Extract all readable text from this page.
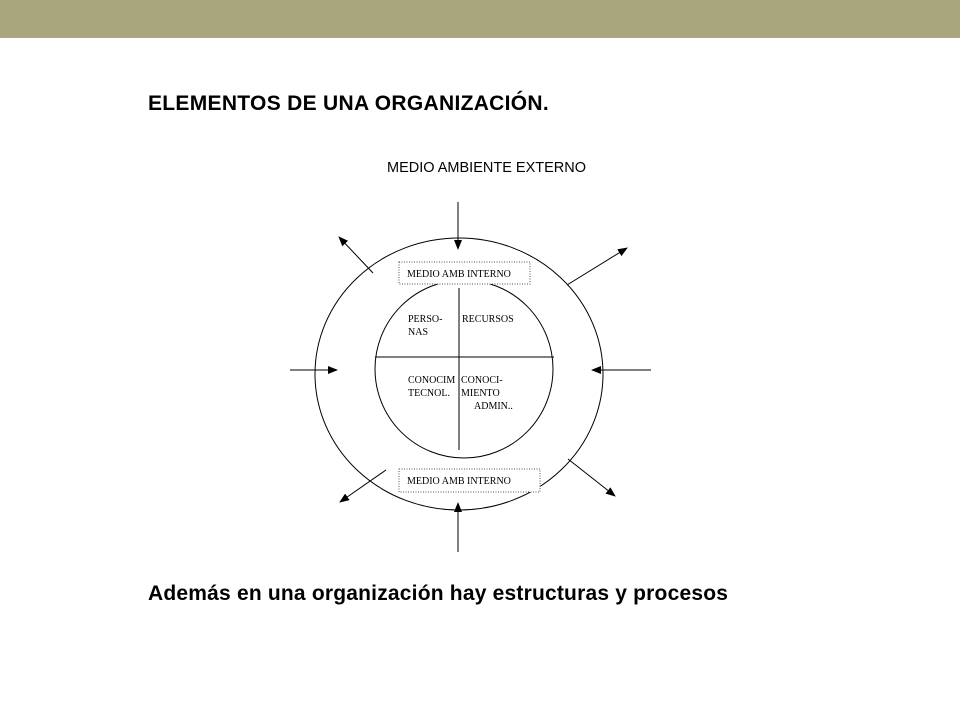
ELEMENTOS DE UNA ORGANIZACIÓN.
MEDIO AMBIENTE EXTERNO
MEDIO AMB INTERNO
MEDIO AMB INTERNO
PERSO- NAS
RECURSOS
CONOCIM TECNOL.
CONOCI- MIENTO ADMIN..

Además en una organización hay estructuras y procesos
